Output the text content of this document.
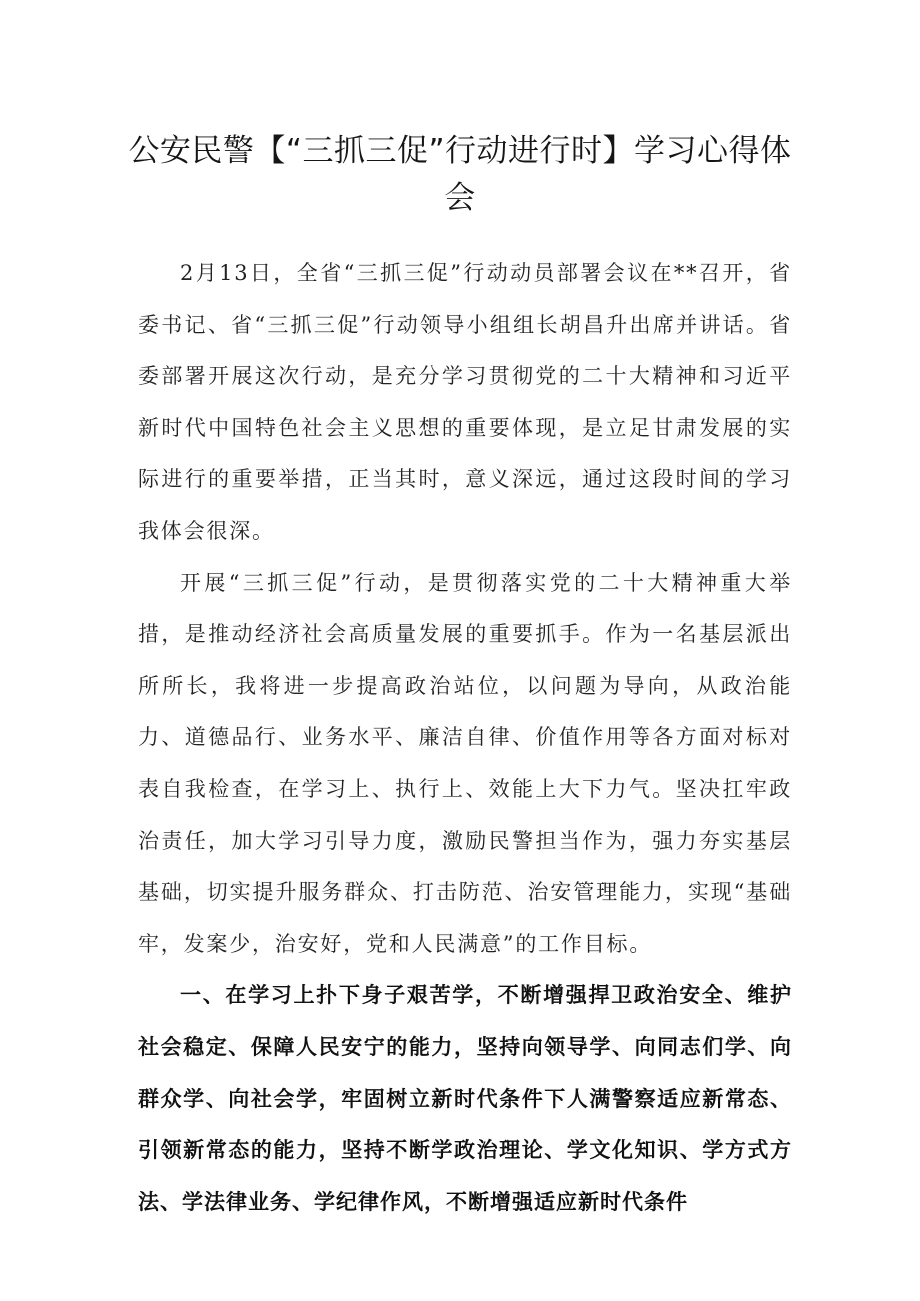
公安民警【“三抓三促”行动进行时】学习心得体会

2月13日，全省“三抓三促”行动动员部署会议在**召开，省委书记、省“三抓三促”行动领导小组组长胡昌升出席并讲话。省委部署开展这次行动，是充分学习贯彻党的二十大精神和习近平新时代中国特色社会主义思想的重要体现，是立足甘肃发展的实际进行的重要举措，正当其时，意义深远，通过这段时间的学习我体会很深。

开展“三抓三促”行动，是贯彻落实党的二十大精神重大举措，是推动经济社会高质量发展的重要抓手。作为一名基层派出所所长，我将进一步提高政治站位，以问题为导向，从政治能力、道德品行、业务水平、廉洁自律、价值作用等各方面对标对表自我检查，在学习上、执行上、效能上大下力气。坚决扛牢政治责任，加大学习引导力度，激励民警担当作为，强力夯实基层基础，切实提升服务群众、打击防范、治安管理能力，实现“基础牢，发案少，治安好，党和人民满意”的工作目标。

一、在学习上扑下身子艰苦学，不断增强捍卫政治安全、维护社会稳定、保障人民安宁的能力，坚持向领导学、向同志们学、向群众学、向社会学，牢固树立新时代条件下人满警察适应新常态、引领新常态的能力，坚持不断学政治理论、学文化知识、学方式方法、学法律业务、学纪律作风，不断增强适应新时代条件
